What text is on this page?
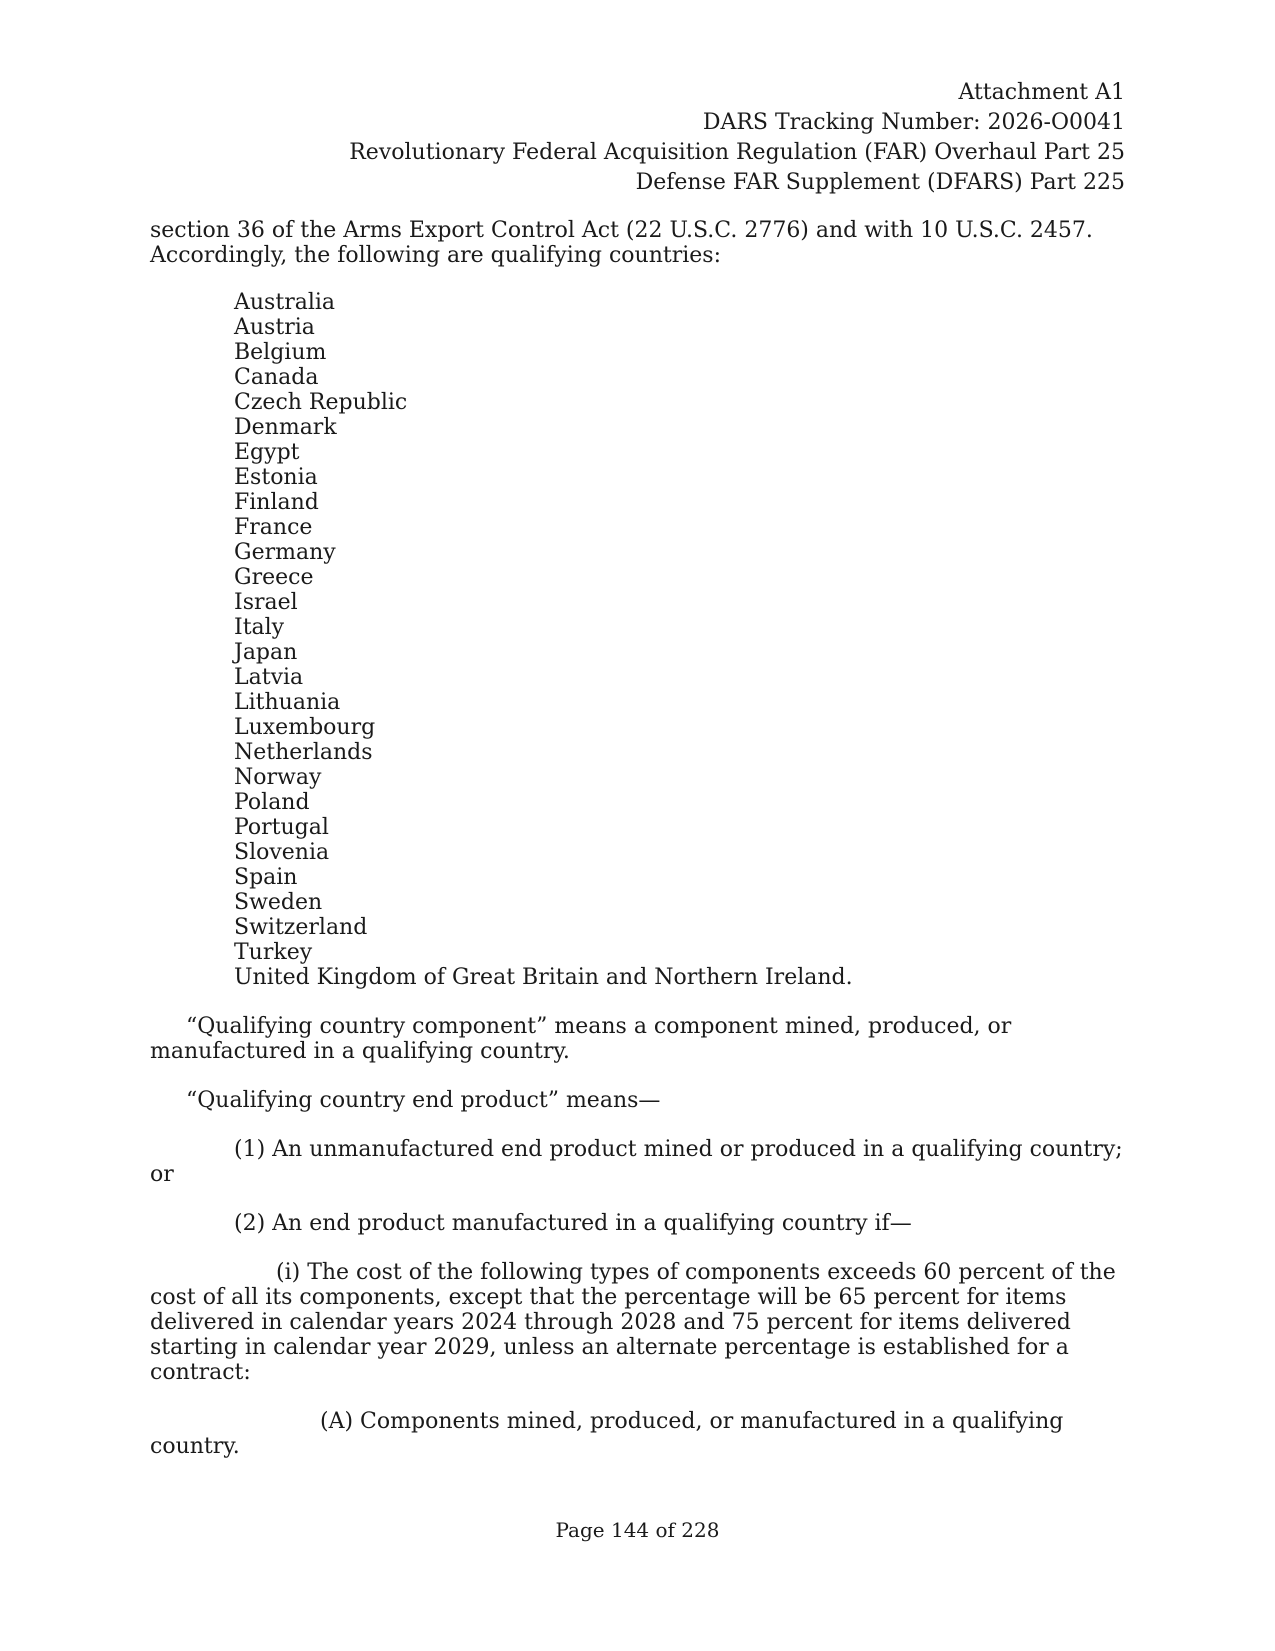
Attachment A1
DARS Tracking Number: 2026-O0041
Revolutionary Federal Acquisition Regulation (FAR) Overhaul Part 25
Defense FAR Supplement (DFARS) Part 225

section 36 of the Arms Export Control Act (22 U.S.C. 2776) and with 10 U.S.C. 2457. Accordingly, the following are qualifying countries:

Australia
Austria
Belgium
Canada
Czech Republic
Denmark
Egypt
Estonia
Finland
France
Germany
Greece
Israel
Italy
Japan
Latvia
Lithuania
Luxembourg
Netherlands
Norway
Poland
Portugal
Slovenia
Spain
Sweden
Switzerland
Turkey
United Kingdom of Great Britain and Northern Ireland.

“Qualifying country component” means a component mined, produced, or manufactured in a qualifying country.

“Qualifying country end product” means—

(1) An unmanufactured end product mined or produced in a qualifying country; or

(2) An end product manufactured in a qualifying country if—

(i) The cost of the following types of components exceeds 60 percent of the cost of all its components, except that the percentage will be 65 percent for items delivered in calendar years 2024 through 2028 and 75 percent for items delivered starting in calendar year 2029, unless an alternate percentage is established for a contract:

(A) Components mined, produced, or manufactured in a qualifying country.

Page 144 of 228
